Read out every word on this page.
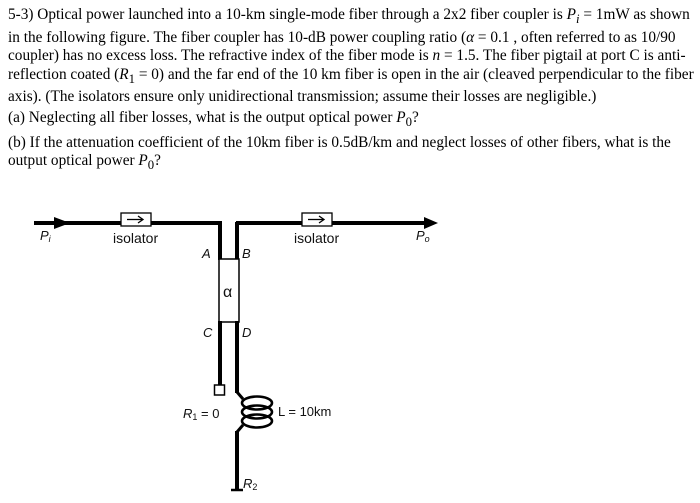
5-3) Optical power launched into a 10-km single-mode fiber through a 2x2 fiber coupler is $P_i = 1mW$ as shown in the following figure. The fiber coupler has 10-dB power coupling ratio (α = 0.1 , often referred to as 10/90 coupler) has no excess loss. The refractive index of the fiber mode is n = 1.5. The fiber pigtail at port C is anti-reflection coated $(R_1 = 0)$ and the far end of the 10 km fiber is open in the air (cleaved perpendicular to the fiber axis). (The isolators ensure only unidirectional transmission; assume their losses are negligible.)

(a) Neglecting all fiber losses, what is the output optical power $P_0$?

(b) If the attenuation coefficient of the 10km fiber is 0.5dB/km and neglect losses of other fibers, what is the output optical power $P_0$?

Pi	isolator	isolator	Po
A B
α
C D
R1 = 0	L = 10km
R2
